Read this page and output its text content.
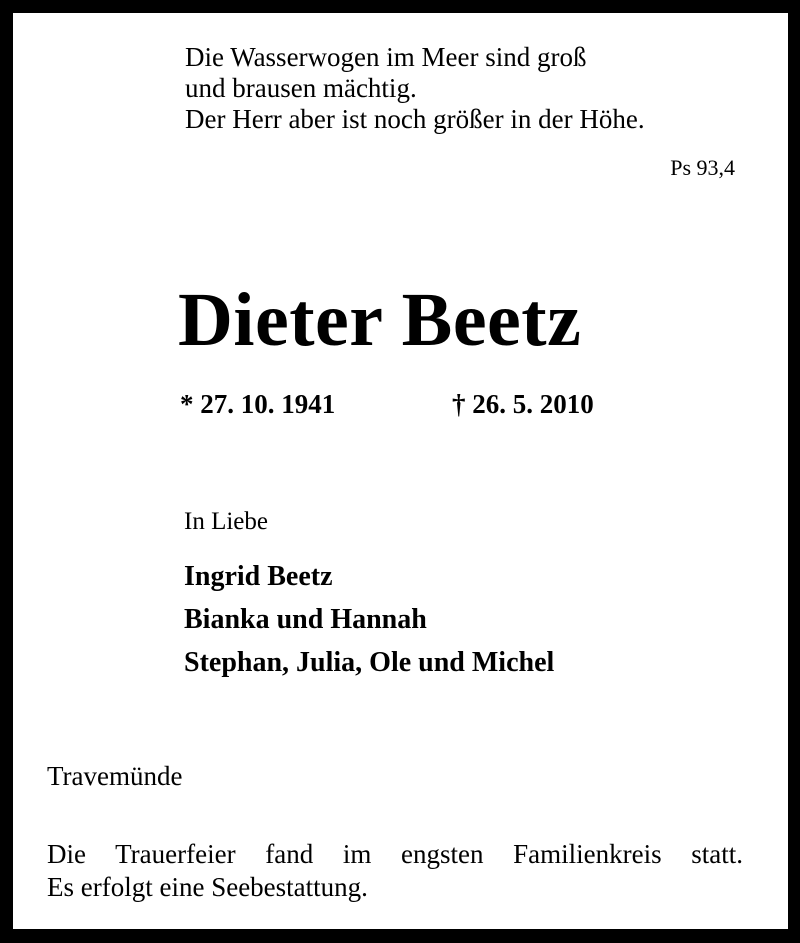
Die Wasserwogen im Meer sind groß
und brausen mächtig.
Der Herr aber ist noch größer in der Höhe.
Ps 93,4
Dieter Beetz
* 27. 10. 1941	† 26. 5. 2010
In Liebe
Ingrid Beetz
Bianka und Hannah
Stephan, Julia, Ole und Michel
Travemünde
Die Trauerfeier fand im engsten Familienkreis statt.
Es erfolgt eine Seebestattung.
